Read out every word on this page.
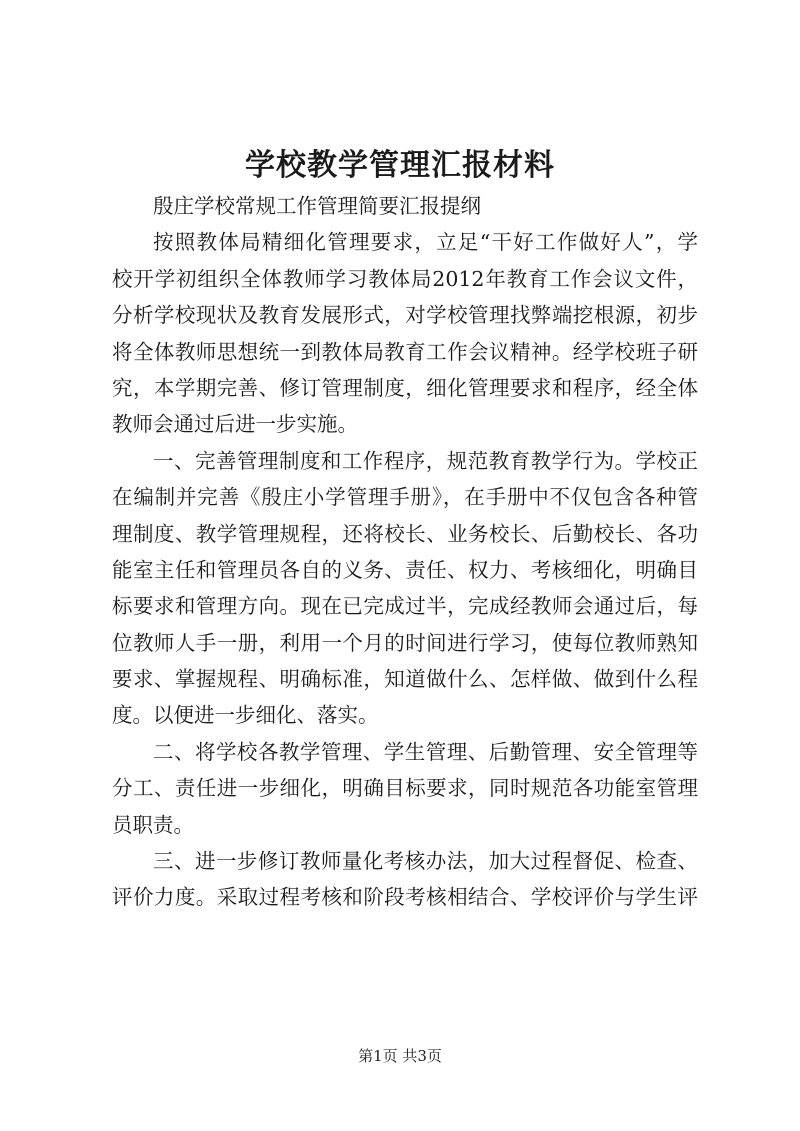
学校教学管理汇报材料
殷庄学校常规工作管理简要汇报提纲
按照教体局精细化管理要求，立足“干好工作做好人”，学
校开学初组织全体教师学习教体局2012年教育工作会议文件，
分析学校现状及教育发展形式，对学校管理找弊端挖根源，初步
将全体教师思想统一到教体局教育工作会议精神。经学校班子研
究，本学期完善、修订管理制度，细化管理要求和程序，经全体
教师会通过后进一步实施。
一、完善管理制度和工作程序，规范教育教学行为。学校正
在编制并完善《殷庄小学管理手册》，在手册中不仅包含各种管
理制度、教学管理规程，还将校长、业务校长、后勤校长、各功
能室主任和管理员各自的义务、责任、权力、考核细化，明确目
标要求和管理方向。现在已完成过半，完成经教师会通过后，每
位教师人手一册，利用一个月的时间进行学习，使每位教师熟知
要求、掌握规程、明确标准，知道做什么、怎样做、做到什么程
度。以便进一步细化、落实。
二、将学校各教学管理、学生管理、后勤管理、安全管理等
分工、责任进一步细化，明确目标要求，同时规范各功能室管理
员职责。
三、进一步修订教师量化考核办法，加大过程督促、检查、
评价力度。采取过程考核和阶段考核相结合、学校评价与学生评
第1页 共3页
